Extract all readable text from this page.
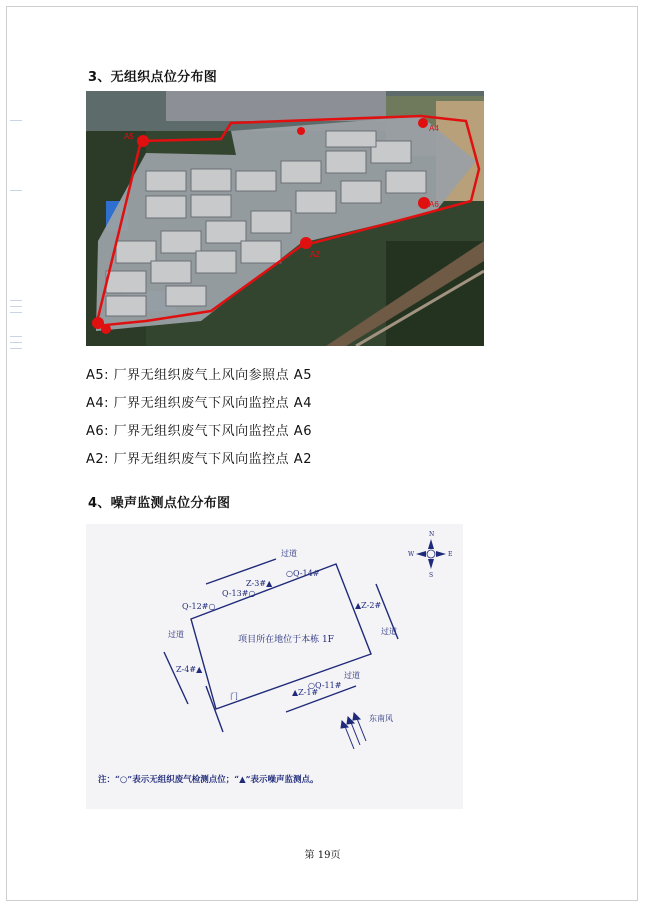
3、无组织点位分布图
A5
A4
A6
A2
A5: 厂界无组织废气上风向参照点 A5
A4: 厂界无组织废气下风向监控点 A4
A6: 厂界无组织废气下风向监控点 A6
A2: 厂界无组织废气下风向监控点 A2
4、噪声监测点位分布图
项目所在地位于本栋 1F
过道
过道	过道
过道
门
东南风
○Q-14#
Z-3#▲
Q-13#○
Q-12#○	▲Z-2#
Z-4#▲
○Q-11#
▲Z-1#
N
S
W	E
注：“○”表示无组织废气检测点位；“▲”表示噪声监测点。
第 19页
